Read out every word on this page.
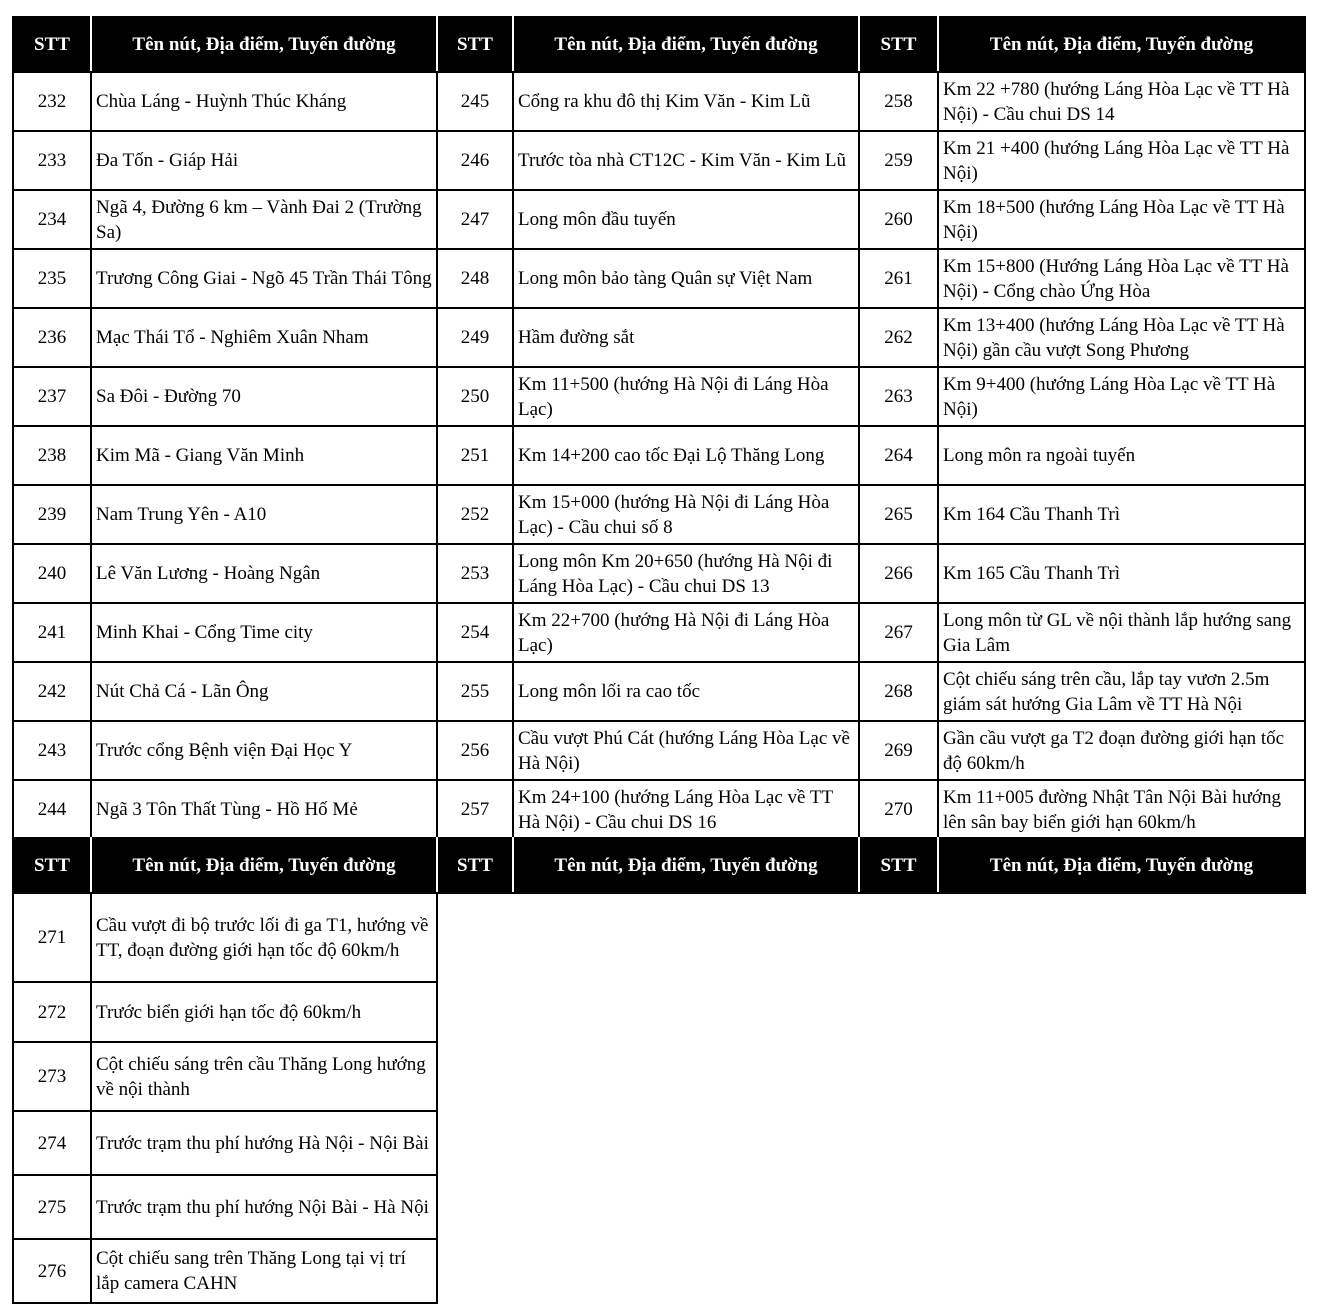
STT	Tên nút, Địa điểm, Tuyến đường	STT	Tên nút, Địa điểm, Tuyến đường	STT	Tên nút, Địa điểm, Tuyến đường
232	Chùa Láng - Huỳnh Thúc Kháng	245	Cổng ra khu đô thị Kim Văn - Kim Lũ	258	Km 22 +780 (hướng Láng Hòa Lạc về TT Hà Nội) - Cầu chui DS 14
233	Đa Tốn - Giáp Hải	246	Trước tòa nhà CT12C - Kim Văn - Kim Lũ	259	Km 21 +400 (hướng Láng Hòa Lạc về TT Hà Nội)
234	Ngã 4, Đường 6 km – Vành Đai 2 (Trường Sa)	247	Long môn đầu tuyến	260	Km 18+500 (hướng Láng Hòa Lạc về TT Hà Nội)
235	Trương Công Giai - Ngõ 45 Trần Thái Tông	248	Long môn bảo tàng Quân sự Việt Nam	261	Km 15+800 (Hướng Láng Hòa Lạc về TT Hà Nội) - Cổng chào Ứng Hòa
236	Mạc Thái Tổ - Nghiêm Xuân Nham	249	Hầm đường sắt	262	Km 13+400 (hướng Láng Hòa Lạc về TT Hà Nội) gần cầu vượt Song Phương
237	Sa Đôi - Đường 70	250	Km 11+500 (hướng Hà Nội đi Láng Hòa Lạc)	263	Km 9+400 (hướng Láng Hòa Lạc về TT Hà Nội)
238	Kim Mã - Giang Văn Minh	251	Km 14+200 cao tốc Đại Lộ Thăng Long	264	Long môn ra ngoài tuyến
239	Nam Trung Yên - A10	252	Km 15+000 (hướng Hà Nội đi Láng Hòa Lạc) - Cầu chui số 8	265	Km 164 Cầu Thanh Trì
240	Lê Văn Lương - Hoàng Ngân	253	Long môn Km 20+650 (hướng Hà Nội đi Láng Hòa Lạc) - Cầu chui DS 13	266	Km 165 Cầu Thanh Trì
241	Minh Khai - Cổng Time city	254	Km 22+700 (hướng Hà Nội đi Láng Hòa Lạc)	267	Long môn từ GL về nội thành lắp hướng sang Gia Lâm
242	Nút Chả Cá - Lãn Ông	255	Long môn lối ra cao tốc	268	Cột chiếu sáng trên cầu, lắp tay vươn 2.5m giám sát hướng Gia Lâm về TT Hà Nội
243	Trước cổng Bệnh viện Đại Học Y	256	Cầu vượt Phú Cát (hướng Láng Hòa Lạc về Hà Nội)	269	Gần cầu vượt ga T2 đoạn đường giới hạn tốc độ 60km/h
244	Ngã 3 Tôn Thất Tùng - Hồ Hố Mẻ	257	Km 24+100 (hướng Láng Hòa Lạc về TT Hà Nội) - Cầu chui DS 16	270	Km 11+005 đường Nhật Tân Nội Bài hướng lên sân bay biển giới hạn 60km/h
STT	Tên nút, Địa điểm, Tuyến đường	STT	Tên nút, Địa điểm, Tuyến đường	STT	Tên nút, Địa điểm, Tuyến đường
271	Cầu vượt đi bộ trước lối đi ga T1, hướng về TT, đoạn đường giới hạn tốc độ 60km/h
272	Trước biển giới hạn tốc độ 60km/h
273	Cột chiếu sáng trên cầu Thăng Long hướng về nội thành
274	Trước trạm thu phí hướng Hà Nội - Nội Bài
275	Trước trạm thu phí hướng Nội Bài - Hà Nội
276	Cột chiếu sang trên Thăng Long tại vị trí lắp camera CAHN
